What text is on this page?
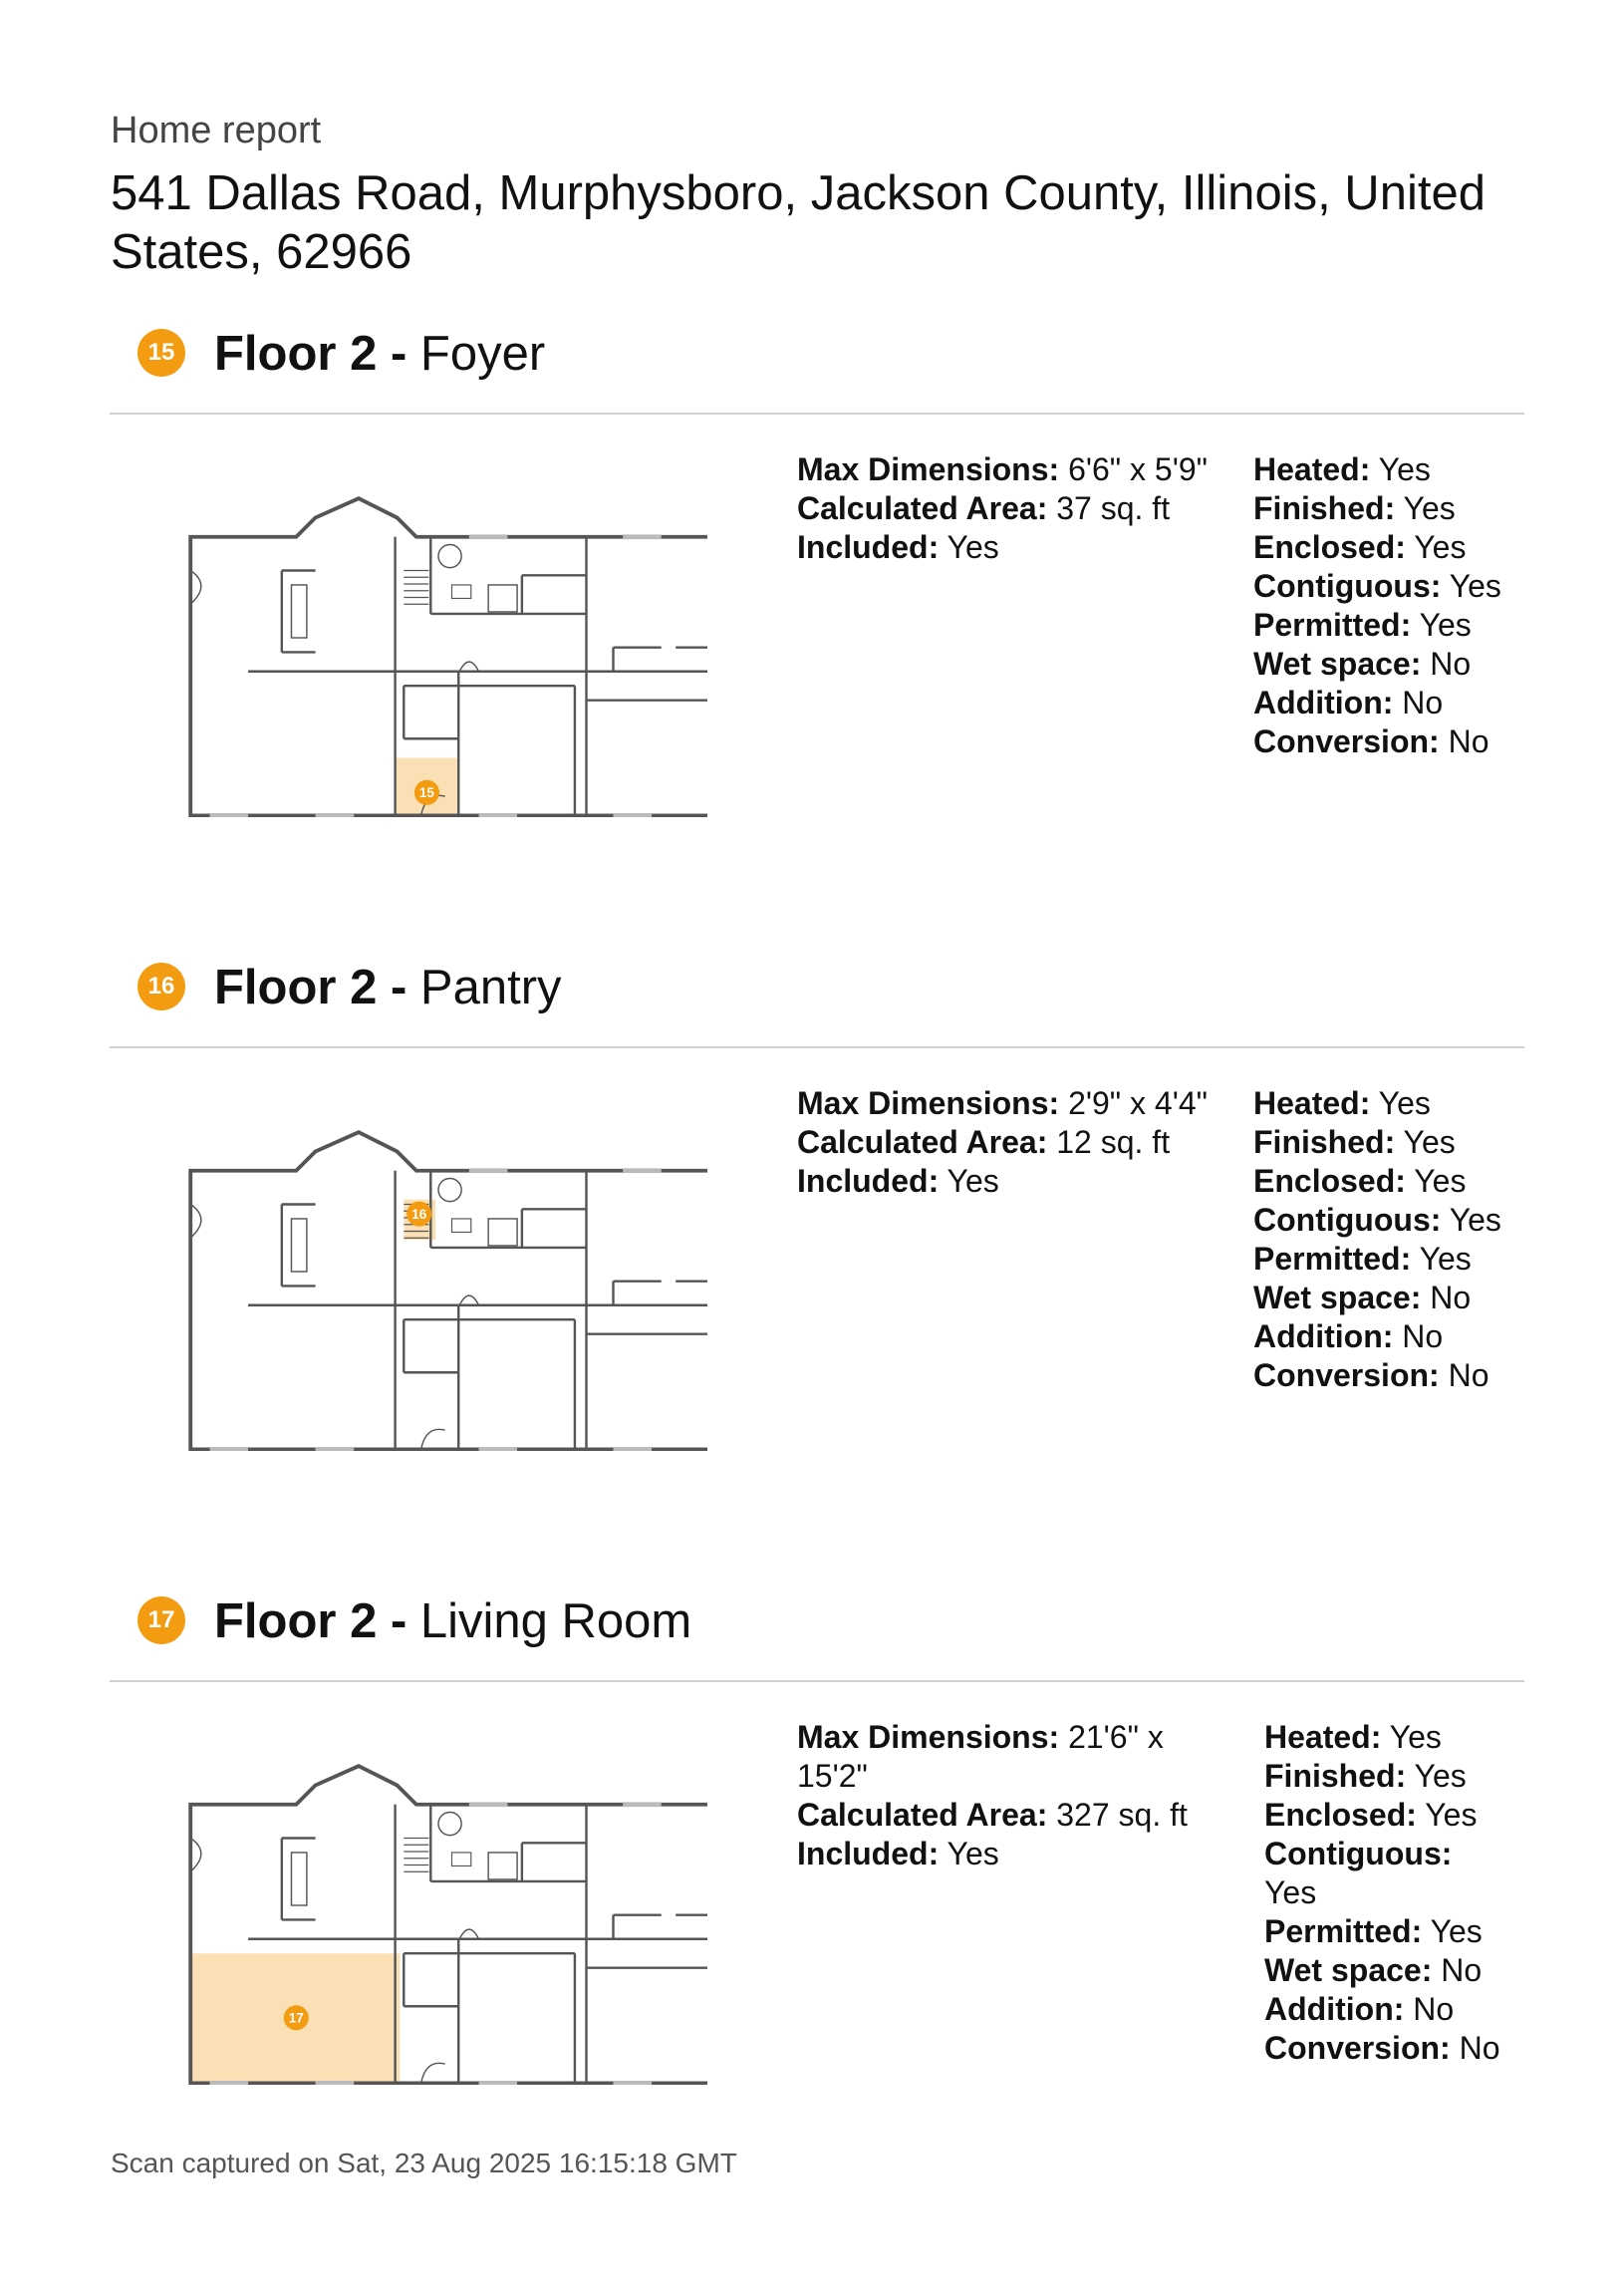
Home report
541 Dallas Road, Murphysboro, Jackson County, Illinois, United States, 62966
15 Floor 2 - Foyer
15
Max Dimensions: 6'6" x 5'9"
Calculated Area: 37 sq. ft
Included: Yes
Heated: Yes
Finished: Yes
Enclosed: Yes
Contiguous: Yes
Permitted: Yes
Wet space: No
Addition: No
Conversion: No
16 Floor 2 - Pantry
16
Max Dimensions: 2'9" x 4'4"
Calculated Area: 12 sq. ft
Included: Yes
Heated: Yes
Finished: Yes
Enclosed: Yes
Contiguous: Yes
Permitted: Yes
Wet space: No
Addition: No
Conversion: No
17 Floor 2 - Living Room
17
Max Dimensions: 21'6" x 15'2"
Calculated Area: 327 sq. ft
Included: Yes
Heated: Yes
Finished: Yes
Enclosed: Yes
Contiguous:
Yes
Permitted: Yes
Wet space: No
Addition: No
Conversion: No
Scan captured on Sat, 23 Aug 2025 16:15:18 GMT
